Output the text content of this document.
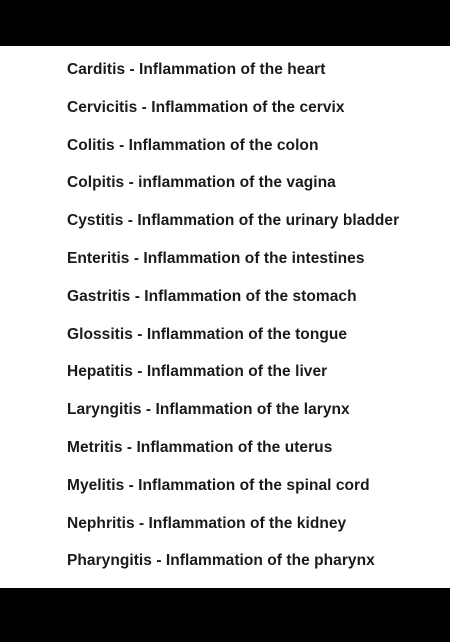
Carditis - Inflammation of the heart
Cervicitis - Inflammation of the cervix
Colitis - Inflammation of the colon
Colpitis - inflammation of the vagina
Cystitis - Inflammation of the urinary bladder
Enteritis - Inflammation of the intestines
Gastritis - Inflammation of the stomach
Glossitis - Inflammation of the tongue
Hepatitis - Inflammation of the liver
Laryngitis - Inflammation of the larynx
Metritis - Inflammation of the uterus
Myelitis - Inflammation of the spinal cord
Nephritis - Inflammation of the kidney
Pharyngitis - Inflammation of the pharynx
